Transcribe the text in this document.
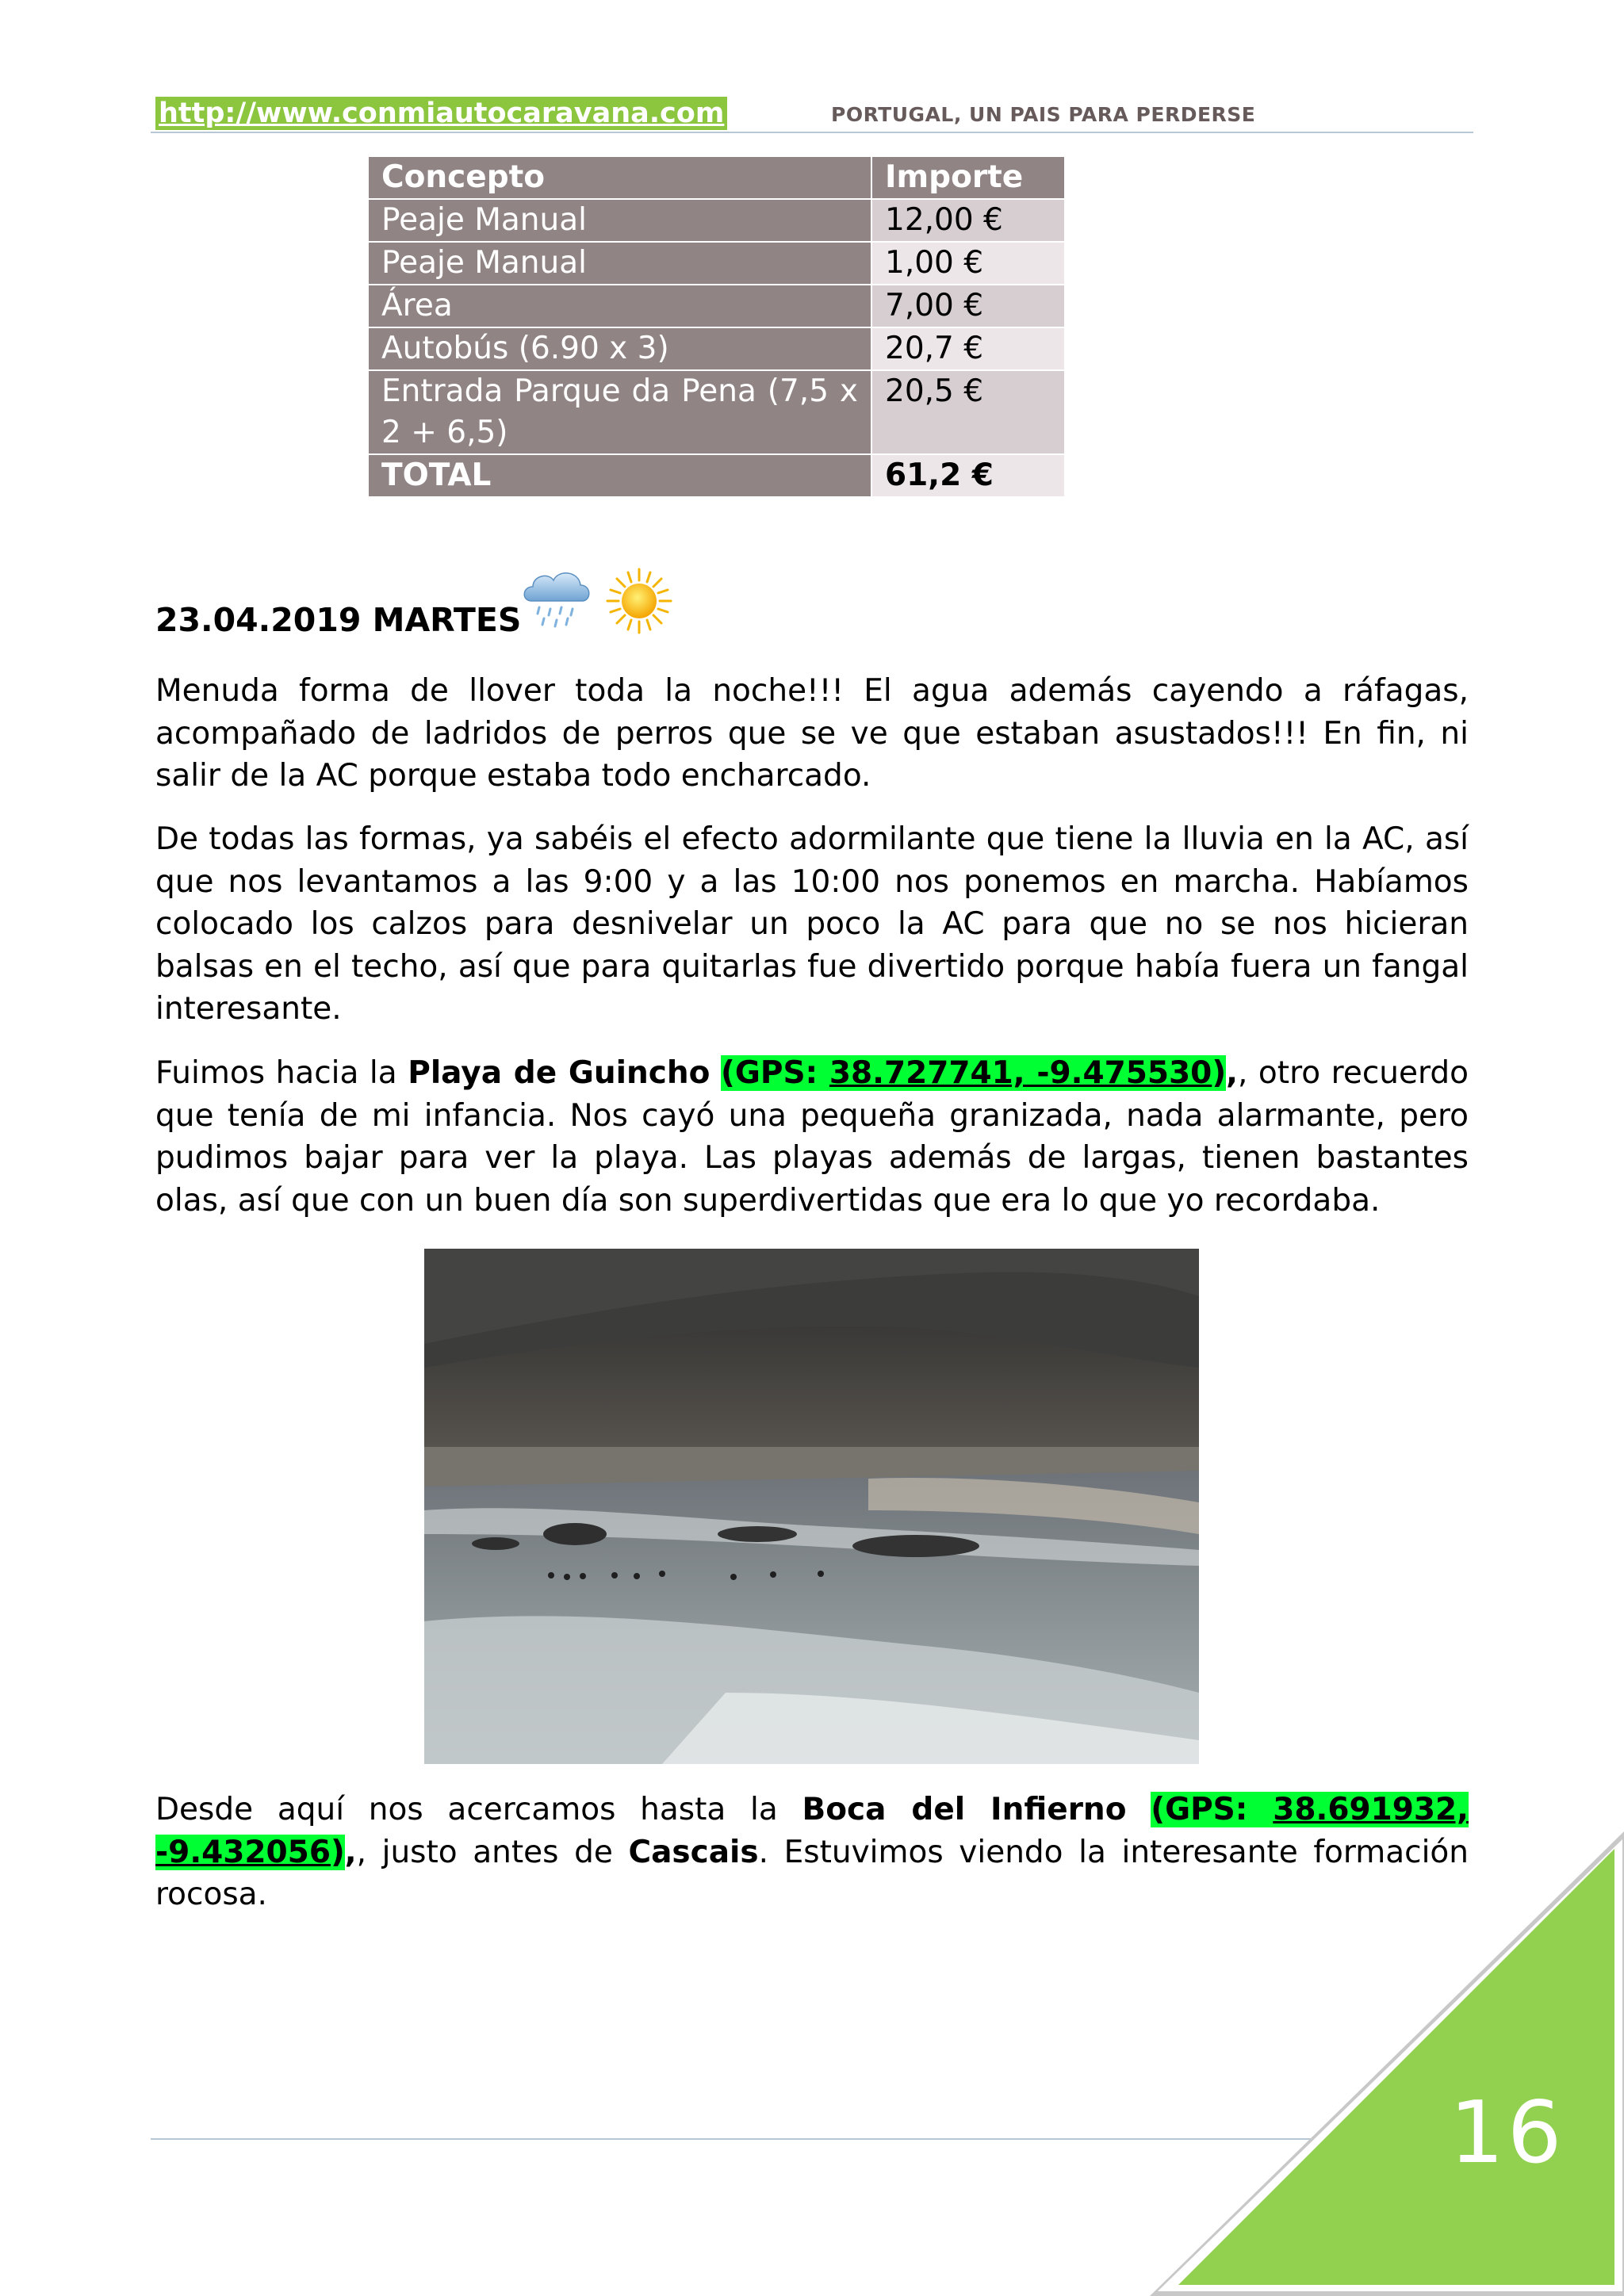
http://www.conmiautocaravana.com	PORTUGAL, UN PAIS PARA PERDERSE
Concepto	Importe
Peaje Manual	12,00 €
Peaje Manual	1,00 €
Área	7,00 €
Autobús (6.90 x 3)	20,7 €
Entrada Parque da Pena (7,5 x 2 + 6,5)	20,5 €
TOTAL	61,2 €
23.04.2019 MARTES

Menuda forma de llover toda la noche!!! El agua además cayendo a ráfagas, acompañado de ladridos de perros que se ve que estaban asustados!!! En fin, ni salir de la AC porque estaba todo encharcado.

De todas las formas, ya sabéis el efecto adormilante que tiene la lluvia en la AC, así que nos levantamos a las 9:00 y a las 10:00 nos ponemos en marcha. Habíamos colocado los calzos para desnivelar un poco la AC para que no se nos hicieran balsas en el techo, así que para quitarlas fue divertido porque había fuera un fangal interesante.

Fuimos hacia la Playa de Guincho (GPS: 38.727741, -9.475530),, otro recuerdo que tenía de mi infancia. Nos cayó una pequeña granizada, nada alarmante, pero pudimos bajar para ver la playa. Las playas además de largas, tienen bastantes olas, así que con un buen día son superdivertidas que era lo que yo recordaba.

Desde aquí nos acercamos hasta la Boca del Infierno (GPS: 38.691932, -9.432056),, justo antes de Cascais. Estuvimos viendo la interesante formación rocosa.

16
